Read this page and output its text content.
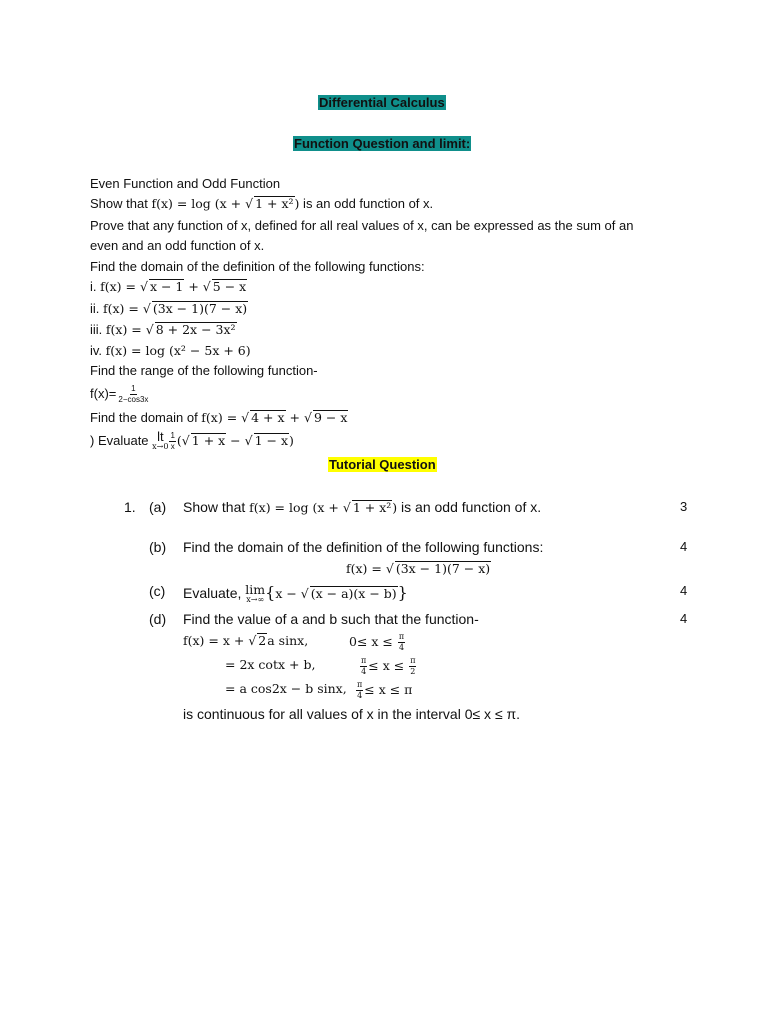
Differential Calculus
Function Question and limit:
Even Function and Odd Function
Show that f(x) = log (x + √ 1 + x²) is an odd function of x.
Prove that any function of x, defined for all real values of x, can be expressed as the sum of an
even and an odd function of x.
Find the domain of the definition of the following functions:
i. f(x) = √ x − 1 + √ 5 − x
ii. f(x) = √ (3x − 1)(7 − x)
iii. f(x) = √ 8 + 2x − 3x²
iv. f(x) = log (x² − 5x + 6)
Find the range of the following function-
$f(x)= \frac{1}{2-\cos 3x}$
Find the domain of f(x) = √ 4 + x + √ 9 − x
) Evaluate lt
$x\to 0 \frac{1}{x}$ (√ 1 + x − √ 1 − x)
Tutorial Question
1. (a) Show that f(x) = log (x + √ 1 + x²) is an odd function of x.	3
(b) Find the domain of the definition of the following functions:	4
f(x) = √ (3x − 1)(7 − x)
(c) Evaluate, lim
x→∞ {x − √ (x − a)(x − b)}	4
(d) Find the value of a and b such that the function-	4
f(x) = x + √ 2a sinx,	$0\le x \le \frac{\pi}{4}$
= 2x cotx + b,	$\frac{\pi}{4} \le x \le \frac{\pi}{2}$
= a cos2x − b sinx, $\frac{\pi}{4} \le x \le \pi$
is continuous for all values of x in the interval 0≤ x ≤ π.
